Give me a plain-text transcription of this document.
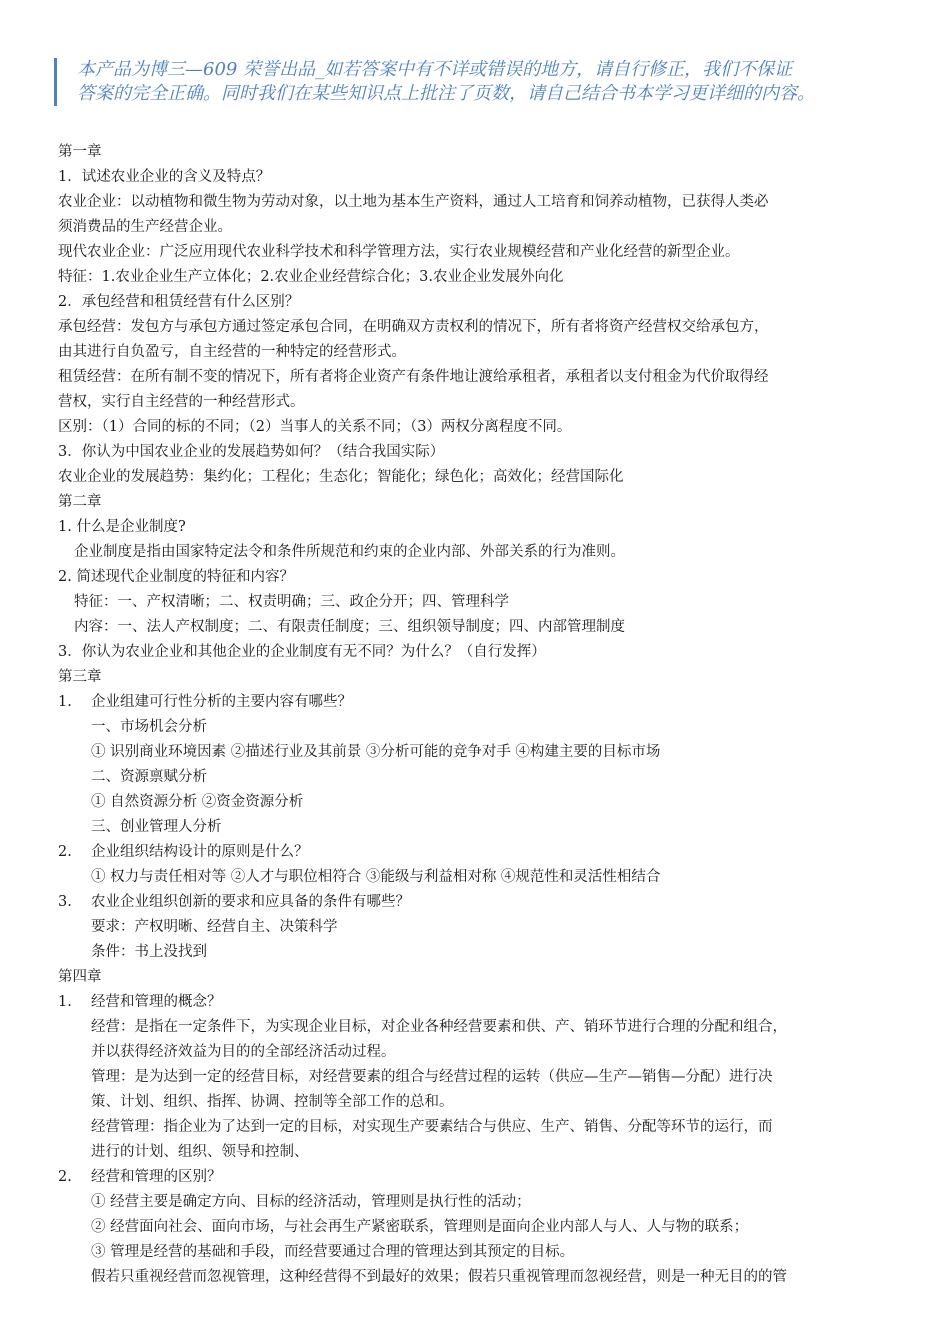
本产品为博三—609 荣誉出品_如若答案中有不详或错误的地方，请自行修正，我们不保证

答案的完全正确。同时我们在某些知识点上批注了页数，请自己结合书本学习更详细的内容。

第一章
1．试述农业企业的含义及特点？
农业企业：以动植物和微生物为劳动对象，以土地为基本生产资料，通过人工培育和饲养动植物，已获得人类必
须消费品的生产经营企业。
现代农业企业：广泛应用现代农业科学技术和科学管理方法，实行农业规模经营和产业化经营的新型企业。
特征：1.农业企业生产立体化；2.农业企业经营综合化；3.农业企业发展外向化
2．承包经营和租赁经营有什么区别？
承包经营：发包方与承包方通过签定承包合同，在明确双方责权利的情况下，所有者将资产经营权交给承包方，
由其进行自负盈亏，自主经营的一种特定的经营形式。
租赁经营：在所有制不变的情况下，所有者将企业资产有条件地让渡给承租者，承租者以支付租金为代价取得经
营权，实行自主经营的一种经营形式。
区别：（1）合同的标的不同；（2）当事人的关系不同；（3）两权分离程度不同。
3．你认为中国农业企业的发展趋势如何？（结合我国实际）
农业企业的发展趋势：集约化；工程化；生态化；智能化；绿色化；高效化；经营国际化
第二章
1. 什么是企业制度?
企业制度是指由国家特定法令和条件所规范和约束的企业内部、外部关系的行为准则。
2. 简述现代企业制度的特征和内容？
特征：一、产权清晰；二、权责明确；三、政企分开；四、管理科学
内容：一、法人产权制度；二、有限责任制度；三、组织领导制度；四、内部管理制度
3．你认为农业企业和其他企业的企业制度有无不同？为什么？（自行发挥）
第三章
1. 企业组建可行性分析的主要内容有哪些？
一、市场机会分析
① 识别商业环境因素 ②描述行业及其前景 ③分析可能的竞争对手 ④构建主要的目标市场
二、资源禀赋分析
① 自然资源分析 ②资金资源分析
三、创业管理人分析
2. 企业组织结构设计的原则是什么？
① 权力与责任相对等 ②人才与职位相符合 ③能级与利益相对称 ④规范性和灵活性相结合
3. 农业企业组织创新的要求和应具备的条件有哪些？
要求：产权明晰、经营自主、决策科学
条件：书上没找到
第四章
1. 经营和管理的概念？
经营：是指在一定条件下，为实现企业目标，对企业各种经营要素和供、产、销环节进行合理的分配和组合，
并以获得经济效益为目的的全部经济活动过程。
管理：是为达到一定的经营目标，对经营要素的组合与经营过程的运转（供应—生产—销售—分配）进行决
策、计划、组织、指挥、协调、控制等全部工作的总和。
经营管理：指企业为了达到一定的目标，对实现生产要素结合与供应、生产、销售、分配等环节的运行，而
进行的计划、组织、领导和控制、
2. 经营和管理的区别？
① 经营主要是确定方向、目标的经济活动，管理则是执行性的活动；
② 经营面向社会、面向市场，与社会再生产紧密联系，管理则是面向企业内部人与人、人与物的联系；
③ 管理是经营的基础和手段，而经营要通过合理的管理达到其预定的目标。
假若只重视经营而忽视管理，这种经营得不到最好的效果；假若只重视管理而忽视经营，则是一种无目的的管
